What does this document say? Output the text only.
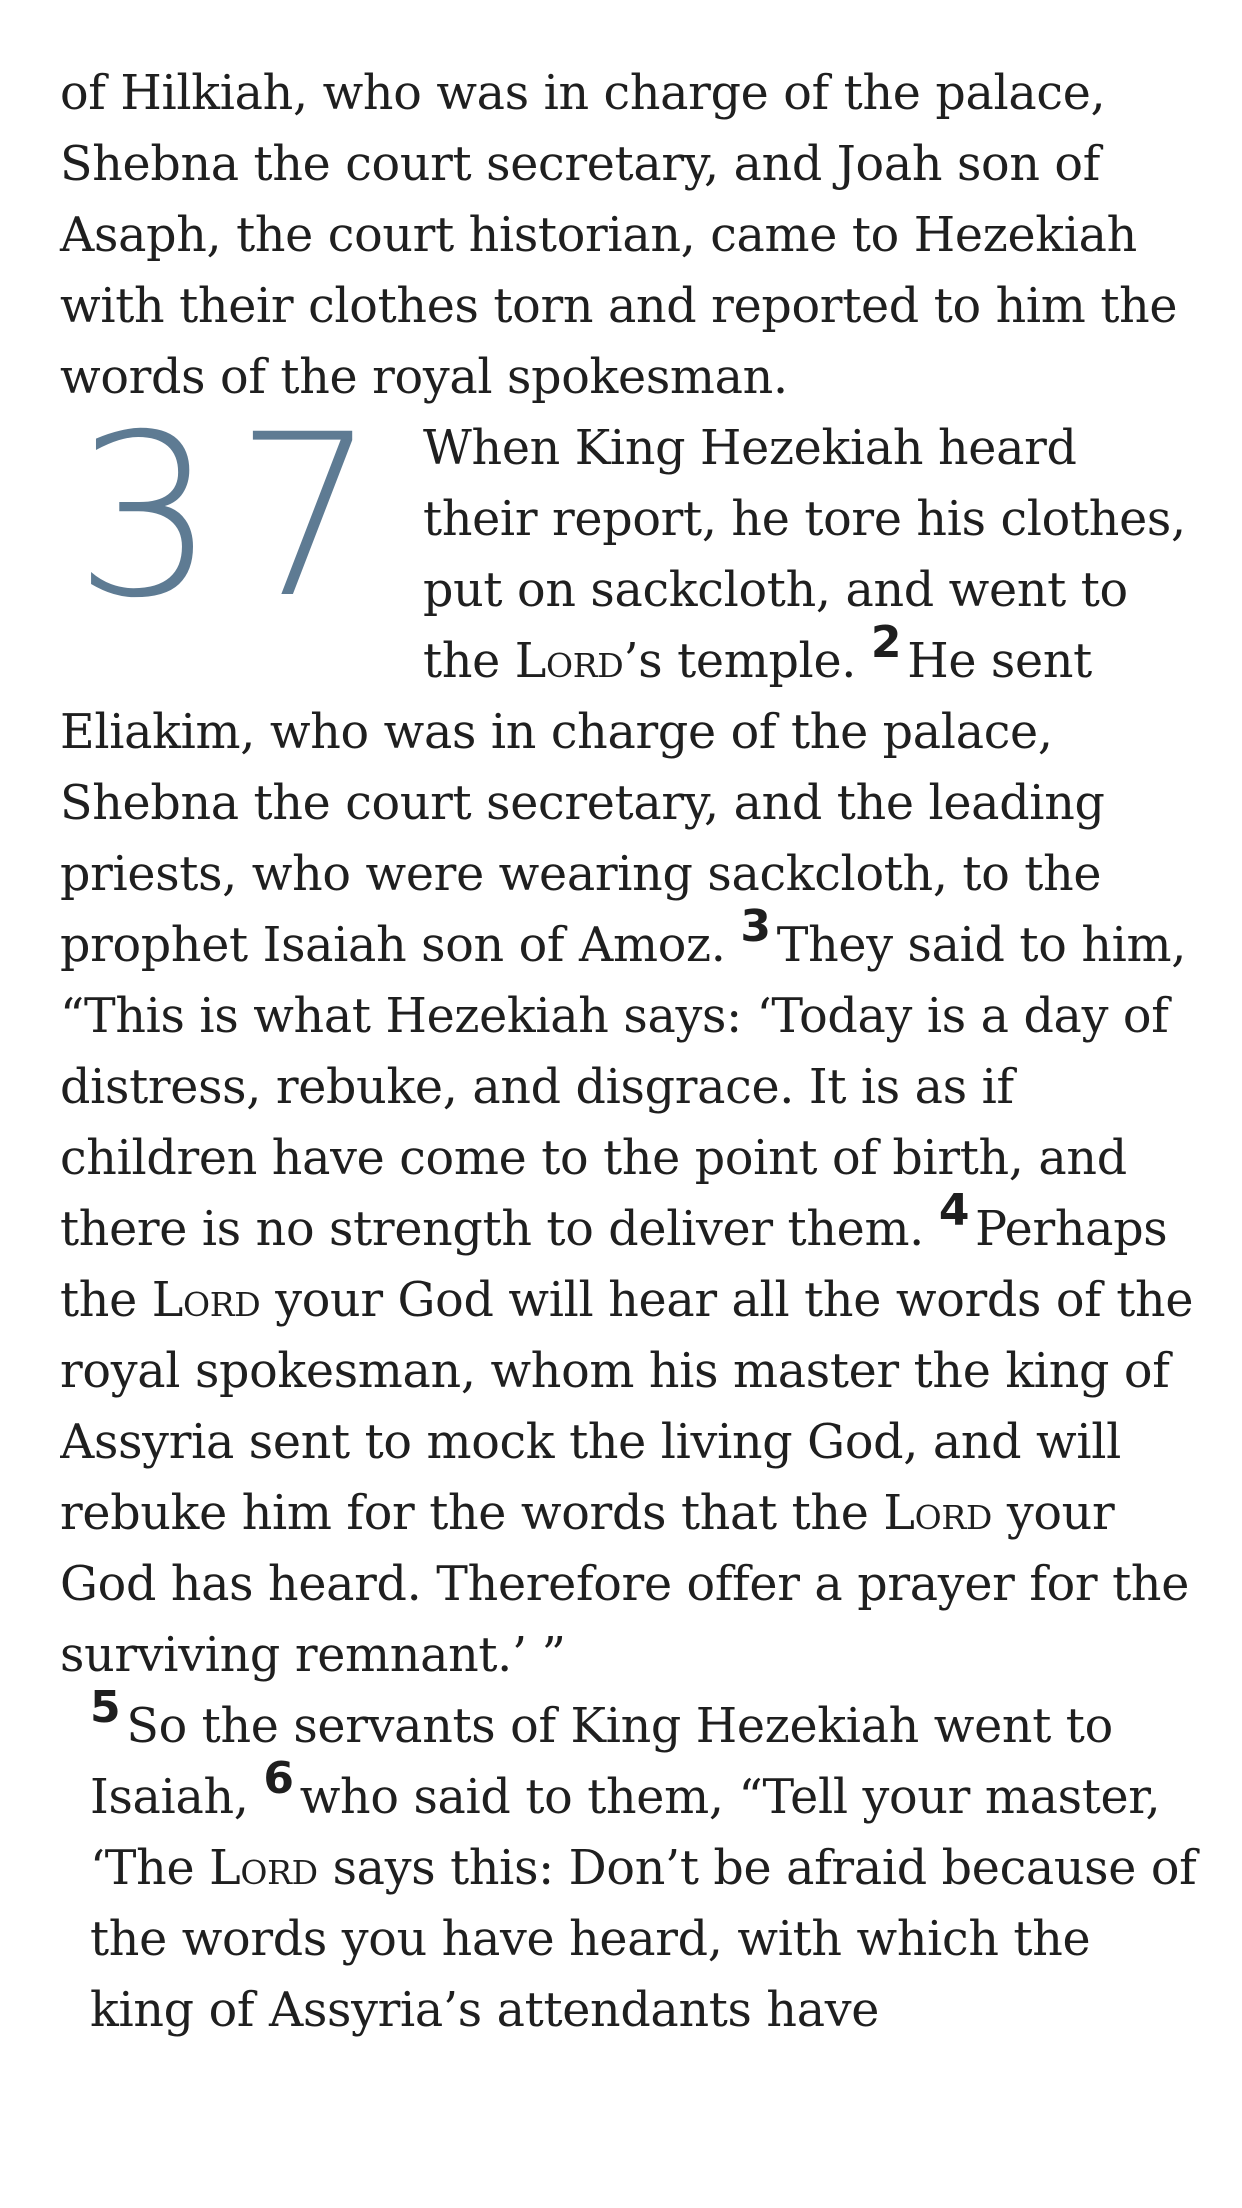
of Hilkiah, who was in charge of the palace, Shebna the court secretary, and Joah son of Asaph, the court historian, came to Hezekiah with their clothes torn and reported to him the words of the royal spokesman.

37 When King Hezekiah heard their report, he tore his clothes, put on sackcloth, and went to the Lord’s temple. $^2$ He sent Eliakim, who was in charge of the palace, Shebna the court secretary, and the leading priests, who were wearing sackcloth, to the prophet Isaiah son of Amoz. $^3$ They said to him, “This is what Hezekiah says: ‘Today is a day of distress, rebuke, and disgrace. It is as if children have come to the point of birth, and there is no strength to deliver them. $^4$ Perhaps the Lord your God will hear all the words of the royal spokesman, whom his master the king of Assyria sent to mock the living God, and will rebuke him for the words that the Lord your God has heard. Therefore offer a prayer for the surviving remnant.’ ”

$^5$ So the servants of King Hezekiah went to Isaiah, $^6$ who said to them, “Tell your master, ‘The Lord says this: Don’t be afraid because of the words you have heard, with which the king of Assyria’s attendants have
